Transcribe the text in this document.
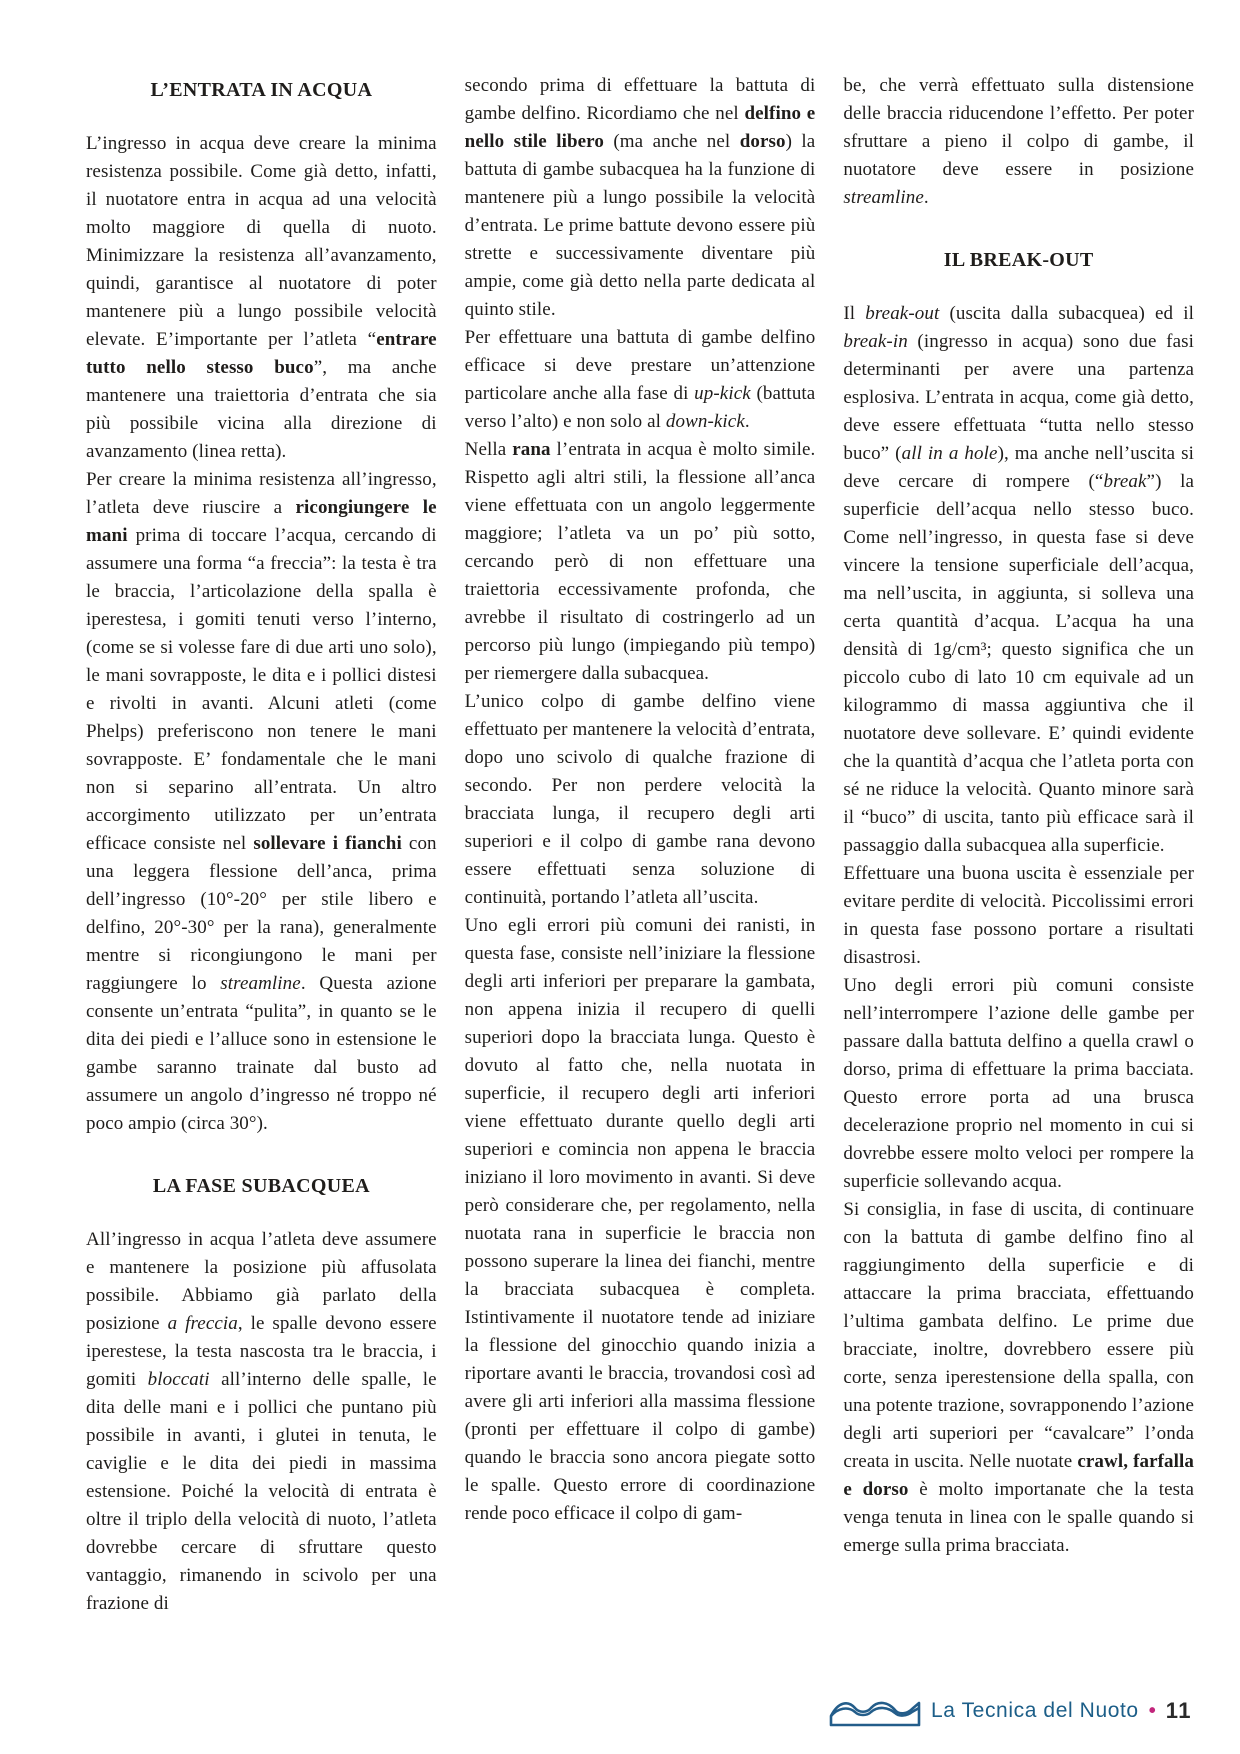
L’ENTRATA IN ACQUA

L’ingresso in acqua deve creare la minima resistenza possibile. Come già detto, infatti, il nuotatore entra in acqua ad una velocità molto maggiore di quella di nuoto. Minimizzare la resistenza all’avanzamento, quindi, garantisce al nuotatore di poter mantenere più a lungo possibile velocità elevate. E’importante per l’atleta “entrare tutto nello stesso buco”, ma anche mantenere una traiettoria d’entrata che sia più possibile vicina alla direzione di avanzamento (linea retta).

Per creare la minima resistenza all’ingresso, l’atleta deve riuscire a ricongiungere le mani prima di toccare l’acqua, cercando di assumere una forma “a freccia”: la testa è tra le braccia, l’articolazione della spalla è iperestesa, i gomiti tenuti verso l’interno, (come se si volesse fare di due arti uno solo), le mani sovrapposte, le dita e i pollici distesi e rivolti in avanti. Alcuni atleti (come Phelps) preferiscono non tenere le mani sovrapposte. E’ fondamentale che le mani non si separino all’entrata. Un altro accorgimento utilizzato per un’entrata efficace consiste nel sollevare i fianchi con una leggera flessione dell’anca, prima dell’ingresso (10°-20° per stile libero e delfino, 20°-30° per la rana), generalmente mentre si ricongiungono le mani per raggiungere lo streamline. Questa azione consente un’entrata “pulita”, in quanto se le dita dei piedi e l’alluce sono in estensione le gambe saranno trainate dal busto ad assumere un angolo d’ingresso né troppo né poco ampio (circa 30°).

LA FASE SUBACQUEA

All’ingresso in acqua l’atleta deve assumere e mantenere la posizione più affusolata possibile. Abbiamo già parlato della posizione a freccia, le spalle devono essere iperestese, la testa nascosta tra le braccia, i gomiti bloccati all’interno delle spalle, le dita delle mani e i pollici che puntano più possibile in avanti, i glutei in tenuta, le caviglie e le dita dei piedi in massima estensione. Poiché la velocità di entrata è oltre il triplo della velocità di nuoto, l’atleta dovrebbe cercare di sfruttare questo vantaggio, rimanendo in scivolo per una frazione di

secondo prima di effettuare la battuta di gambe delfino. Ricordiamo che nel delfino e nello stile libero (ma anche nel dorso) la battuta di gambe subacquea ha la funzione di mantenere più a lungo possibile la velocità d’entrata. Le prime battute devono essere più strette e successivamente diventare più ampie, come già detto nella parte dedicata al quinto stile.

Per effettuare una battuta di gambe delfino efficace si deve prestare un’attenzione particolare anche alla fase di up-kick (battuta verso l’alto) e non solo al down-kick.

Nella rana l’entrata in acqua è molto simile. Rispetto agli altri stili, la flessione all’anca viene effettuata con un angolo leggermente maggiore; l’atleta va un po’ più sotto, cercando però di non effettuare una traiettoria eccessivamente profonda, che avrebbe il risultato di costringerlo ad un percorso più lungo (impiegando più tempo) per riemergere dalla subacquea.

L’unico colpo di gambe delfino viene effettuato per mantenere la velocità d’entrata, dopo uno scivolo di qualche frazione di secondo. Per non perdere velocità la bracciata lunga, il recupero degli arti superiori e il colpo di gambe rana devono essere effettuati senza soluzione di continuità, portando l’atleta all’uscita.

Uno egli errori più comuni dei ranisti, in questa fase, consiste nell’iniziare la flessione degli arti inferiori per preparare la gambata, non appena inizia il recupero di quelli superiori dopo la bracciata lunga. Questo è dovuto al fatto che, nella nuotata in superficie, il recupero degli arti inferiori viene effettuato durante quello degli arti superiori e comincia non appena le braccia iniziano il loro movimento in avanti. Si deve però considerare che, per regolamento, nella nuotata rana in superficie le braccia non possono superare la linea dei fianchi, mentre la bracciata subacquea è completa. Istintivamente il nuotatore tende ad iniziare la flessione del ginocchio quando inizia a riportare avanti le braccia, trovandosi così ad avere gli arti inferiori alla massima flessione (pronti per effettuare il colpo di gambe) quando le braccia sono ancora piegate sotto le spalle. Questo errore di coordinazione rende poco efficace il colpo di gam-

be, che verrà effettuato sulla distensione delle braccia riducendone l’effetto. Per poter sfruttare a pieno il colpo di gambe, il nuotatore deve essere in posizione streamline.

IL BREAK-OUT

Il break-out (uscita dalla subacquea) ed il break-in (ingresso in acqua) sono due fasi determinanti per avere una partenza esplosiva. L’entrata in acqua, come già detto, deve essere effettuata “tutta nello stesso buco” (all in a hole), ma anche nell’uscita si deve cercare di rompere (“break”) la superficie dell’acqua nello stesso buco. Come nell’ingresso, in questa fase si deve vincere la tensione superficiale dell’acqua, ma nell’uscita, in aggiunta, si solleva una certa quantità d’acqua. L’acqua ha una densità di 1g/cm³; questo significa che un piccolo cubo di lato 10 cm equivale ad un kilogrammo di massa aggiuntiva che il nuotatore deve sollevare. E’ quindi evidente che la quantità d’acqua che l’atleta porta con sé ne riduce la velocità. Quanto minore sarà il “buco” di uscita, tanto più efficace sarà il passaggio dalla subacquea alla superficie.

Effettuare una buona uscita è essenziale per evitare perdite di velocità. Piccolissimi errori in questa fase possono portare a risultati disastrosi.

Uno degli errori più comuni consiste nell’interrompere l’azione delle gambe per passare dalla battuta delfino a quella crawl o dorso, prima di effettuare la prima bacciata. Questo errore porta ad una brusca decelerazione proprio nel momento in cui si dovrebbe essere molto veloci per rompere la superficie sollevando acqua.

Si consiglia, in fase di uscita, di continuare con la battuta di gambe delfino fino al raggiungimento della superficie e di attaccare la prima bracciata, effettuando l’ultima gambata delfino. Le prime due bracciate, inoltre, dovrebbero essere più corte, senza iperestensione della spalla, con una potente trazione, sovrapponendo l’azione degli arti superiori per “cavalcare” l’onda creata in uscita. Nelle nuotate crawl, farfalla e dorso è molto importanate che la testa venga tenuta in linea con le spalle quando si emerge sulla prima bracciata.

La Tecnica del Nuoto • 11
